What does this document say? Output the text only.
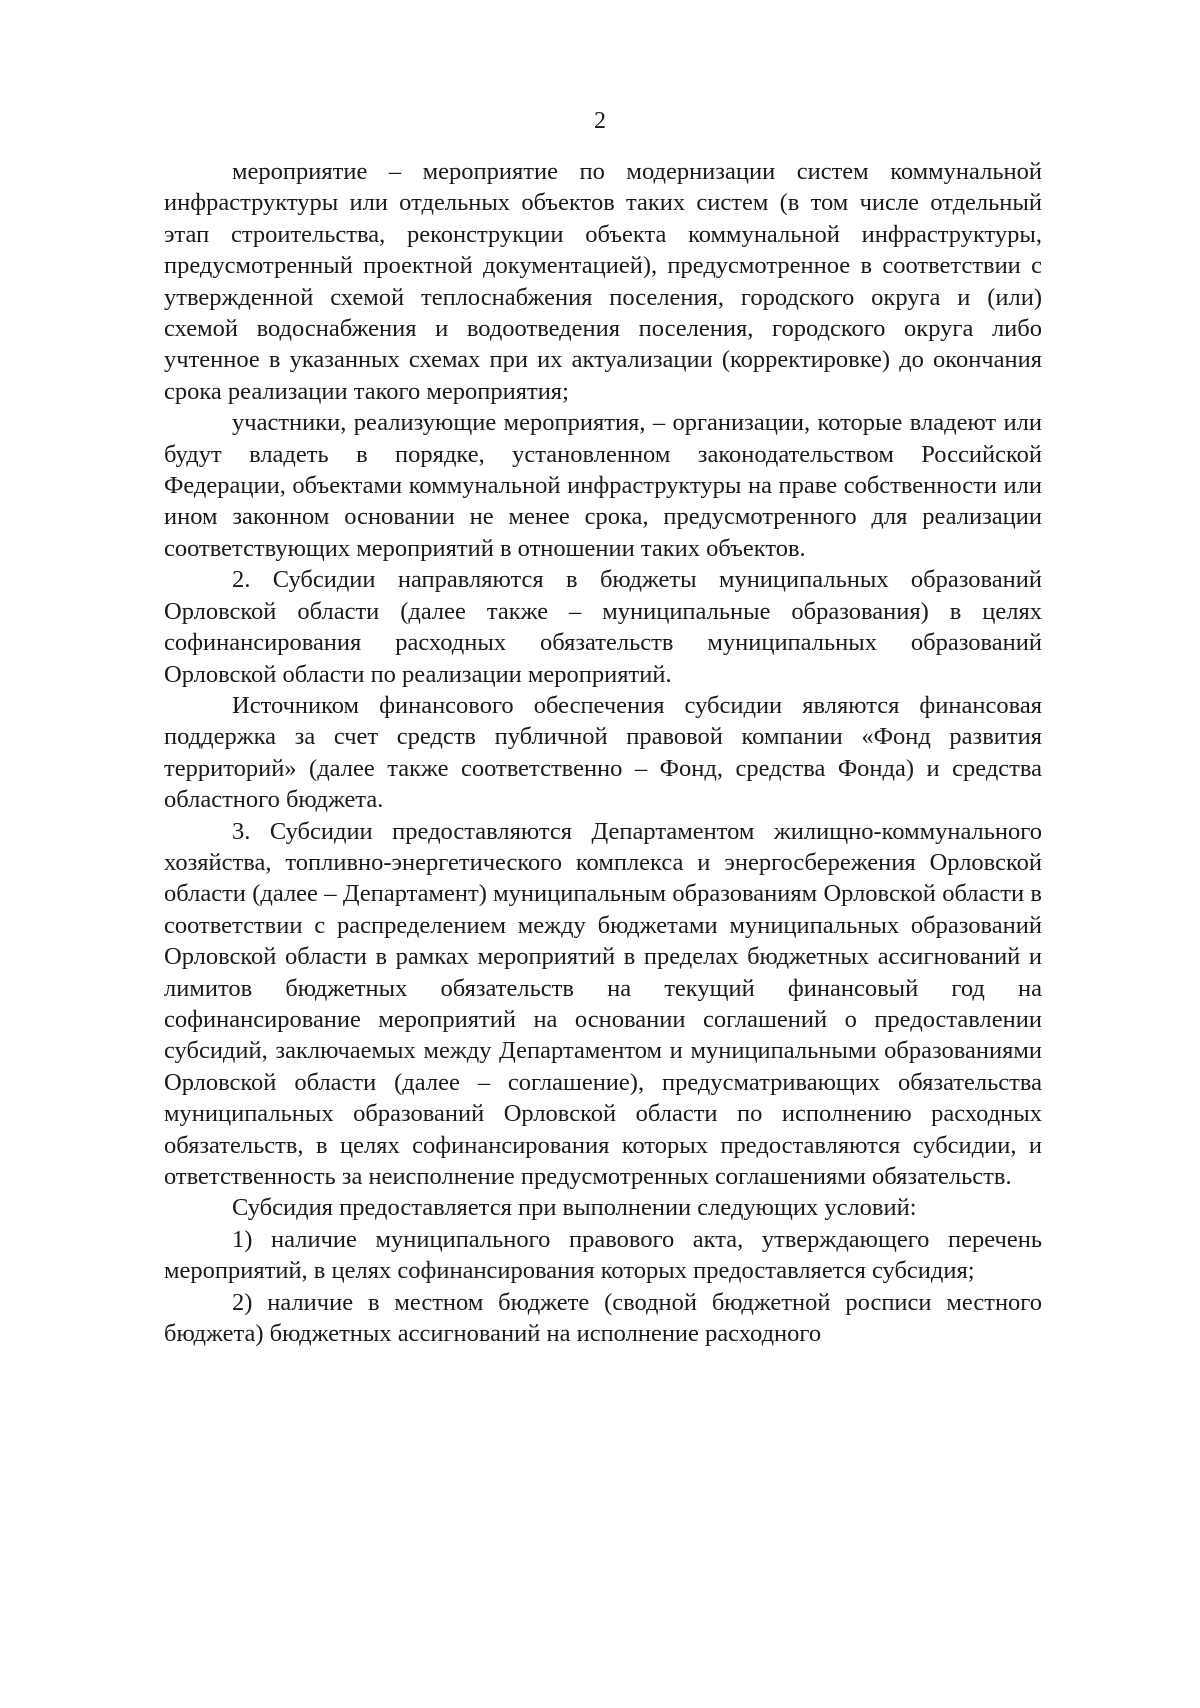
2

мероприятие – мероприятие по модернизации систем коммунальной инфраструктуры или отдельных объектов таких систем (в том числе отдельный этап строительства, реконструкции объекта коммунальной инфраструктуры, предусмотренный проектной документацией), предусмотренное в соответствии с утвержденной схемой теплоснабжения поселения, городского округа и (или) схемой водоснабжения и водоотведения поселения, городского округа либо учтенное в указанных схемах при их актуализации (корректировке) до окончания срока реализации такого мероприятия;

участники, реализующие мероприятия, – организации, которые владеют или будут владеть в порядке, установленном законодательством Российской Федерации, объектами коммунальной инфраструктуры на праве собственности или ином законном основании не менее срока, предусмотренного для реализации соответствующих мероприятий в отношении таких объектов.

2. Субсидии направляются в бюджеты муниципальных образований Орловской области (далее также – муниципальные образования) в целях софинансирования расходных обязательств муниципальных образований Орловской области по реализации мероприятий.

Источником финансового обеспечения субсидии являются финансовая поддержка за счет средств публичной правовой компании «Фонд развития территорий» (далее также соответственно – Фонд, средства Фонда) и средства областного бюджета.

3. Субсидии предоставляются Департаментом жилищно-коммунального хозяйства, топливно-энергетического комплекса и энергосбережения Орловской области (далее – Департамент) муниципальным образованиям Орловской области в соответствии с распределением между бюджетами муниципальных образований Орловской области в рамках мероприятий в пределах бюджетных ассигнований и лимитов бюджетных обязательств на текущий финансовый год на софинансирование мероприятий на основании соглашений о предоставлении субсидий, заключаемых между Департаментом и муниципальными образованиями Орловской области (далее – соглашение), предусматривающих обязательства муниципальных образований Орловской области по исполнению расходных обязательств, в целях софинансирования которых предоставляются субсидии, и ответственность за неисполнение предусмотренных соглашениями обязательств.

Субсидия предоставляется при выполнении следующих условий:

1) наличие муниципального правового акта, утверждающего перечень мероприятий, в целях софинансирования которых предоставляется субсидия;

2) наличие в местном бюджете (сводной бюджетной росписи местного бюджета) бюджетных ассигнований на исполнение расходного
